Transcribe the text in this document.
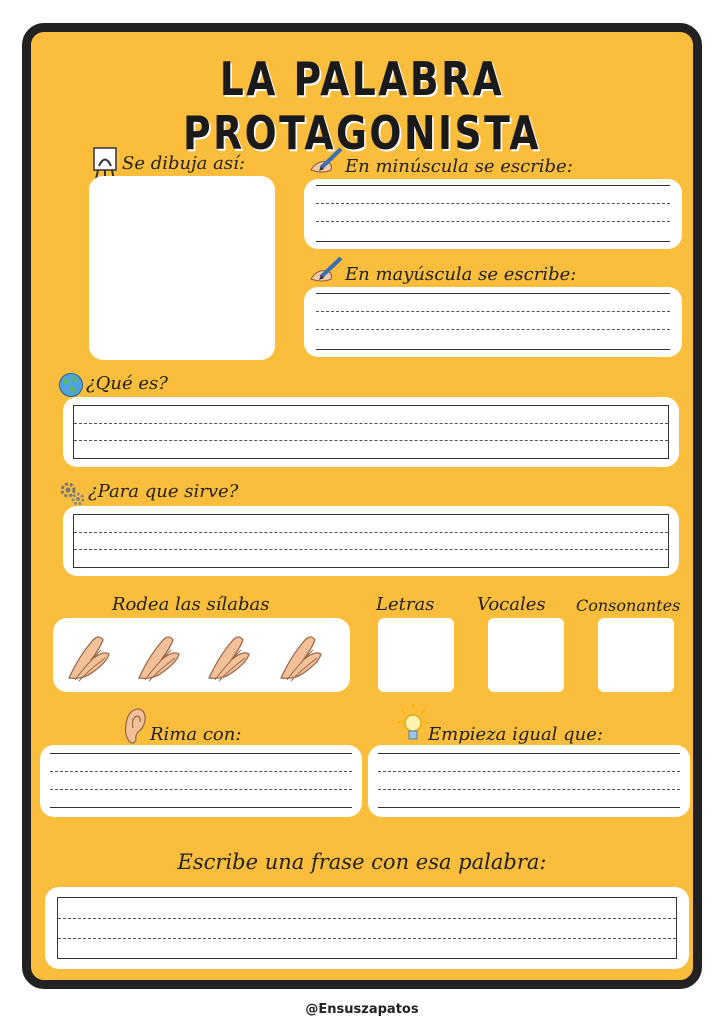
LA PALABRA PROTAGONISTA
Se dibuja así:	En minúscula se escribe:
En mayúscula se escribe:
¿Qué es?
¿Para que sirve?
Rodea las sílabas	Letras Vocales Consonantes
Rima con:	Empieza igual que:
Escribe una frase con esa palabra:
@Ensuszapatos
